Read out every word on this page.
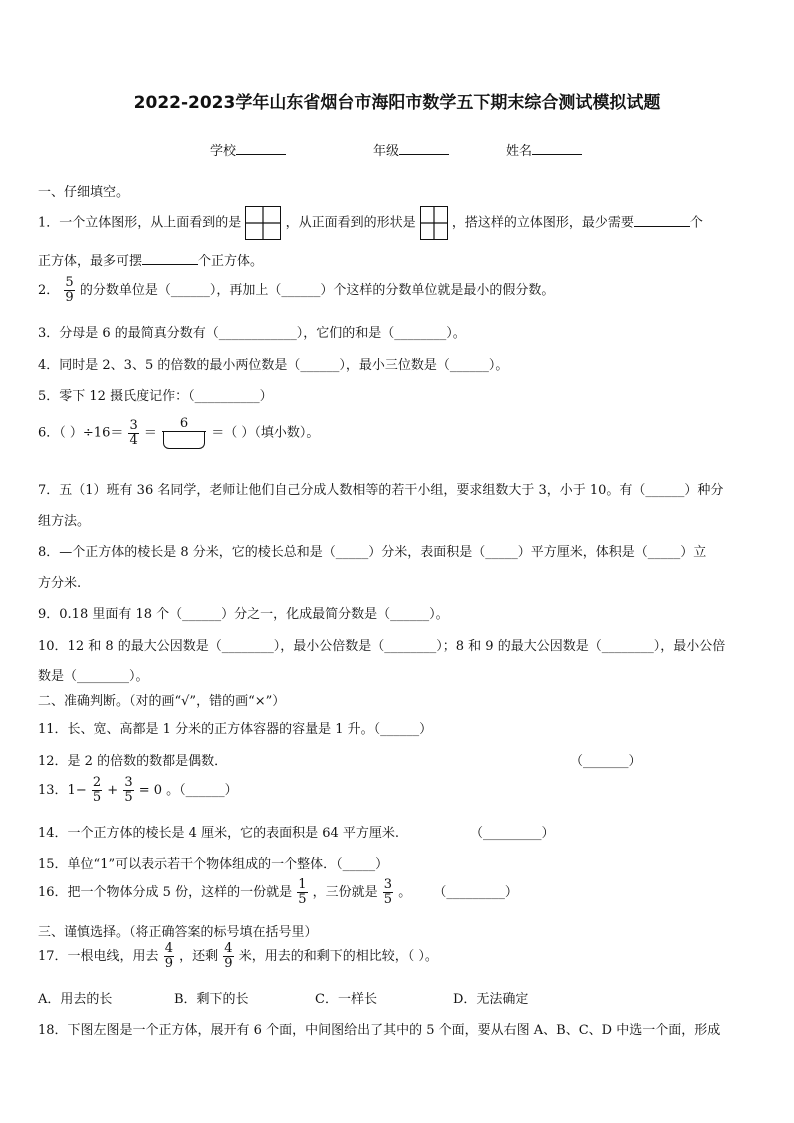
2022-2023学年山东省烟台市海阳市数学五下期末综合测试模拟试题
学校	年级	姓名
一、仔细填空。
1．一个立体图形，从上面看到的是	，从正面看到的形状是	，搭这样的立体图形，最少需要	个
正方体，最多可摆	个正方体。
2． $\frac{5}{9}$ 的分数单位是（______），再加上（______）个这样的分数单位就是最小的假分数。
3．分母是 6 的最简真分数有（____________），它们的和是（________）。
4．同时是 2、3、5 的倍数的最小两位数是（______），最小三位数是（______）。
5．零下 12 摄氏度记作：（__________）
6．（ ）$\div 16= \frac{3}{4}$ ＝
6
＝（ ）（填小数）。
7．五（1）班有 36 名同学，老师让他们自己分成人数相等的若干小组，要求组数大于 3，小于 10。有（______）种分
组方法。
8．—个正方体的棱长是 8 分米，它的棱长总和是（_____）分米，表面积是（_____）平方厘米，体积是（_____）立
方分米.
9．0.18 里面有 18 个（______）分之一，化成最简分数是（______）。
10．12 和 8 的最大公因数是（________），最小公倍数是（________）；8 和 9 的最大公因数是（________），最小公倍
数是（________）。
二、准确判断。（对的画“√”，错的画“×”）
11．长、宽、高都是 1 分米的正方体容器的容量是 1 升。（______）
12．是 2 的倍数的数都是偶数．	（_______）
13．$1- \frac{2}{5} + \frac{3}{5} = 0$ 。（______）
14．一个正方体的棱长是 4 厘米，它的表面积是 64 平方厘米.	（_________）
15．单位“1”可以表示若干个物体组成的一个整体．（_____）
16．把一个物体分成 5 份，这样的一份就是 $\frac{1}{5}$ ，三份就是 $\frac{3}{5}$ 。 （_________）
三、谨慎选择。（将正确答案的标号填在括号里）
17．一根电线，用去 $\frac{4}{9}$ ，还剩 $\frac{4}{9}$ 米，用去的和剩下的相比较，（ ）。
A．用去的长	B．剩下的长	C．一样长	D．无法确定
18．下图左图是一个正方体，展开有 6 个面，中间图给出了其中的 5 个面，要从右图 A、B、C、D 中选一个面，形成
